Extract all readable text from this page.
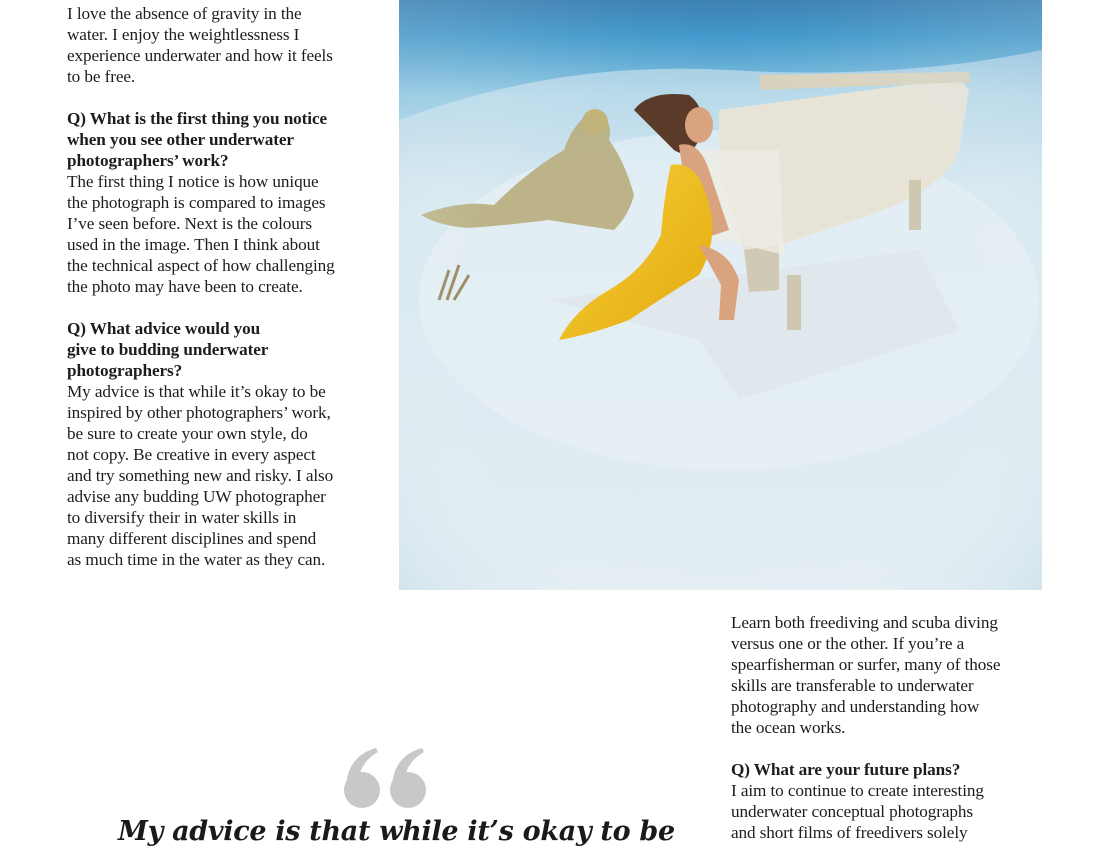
I love the absence of gravity in the

water. I enjoy the weightlessness I

experience underwater and how it feels

to be free.

Q) What is the first thing you notice

when you see other underwater

photographers’ work?

The first thing I notice is how unique

the photograph is compared to images

I’ve seen before. Next is the colours

used in the image. Then I think about

the technical aspect of how challenging

the photo may have been to create.

Q) What advice would you

give to budding underwater

photographers?

My advice is that while it’s okay to be

inspired by other photographers’ work,

be sure to create your own style, do

not copy. Be creative in every aspect

and try something new and risky. I also

advise any budding UW photographer

to diversify their in water skills in

many different disciplines and spend

as much time in the water as they can.

Learn both freediving and scuba diving

versus one or the other. If you’re a

spearfisherman or surfer, many of those

skills are transferable to underwater

photography and understanding how

the ocean works.

Q) What are your future plans?

I aim to continue to create interesting

underwater conceptual photographs

and short films of freedivers solely

My advice is that while it’s okay to be
